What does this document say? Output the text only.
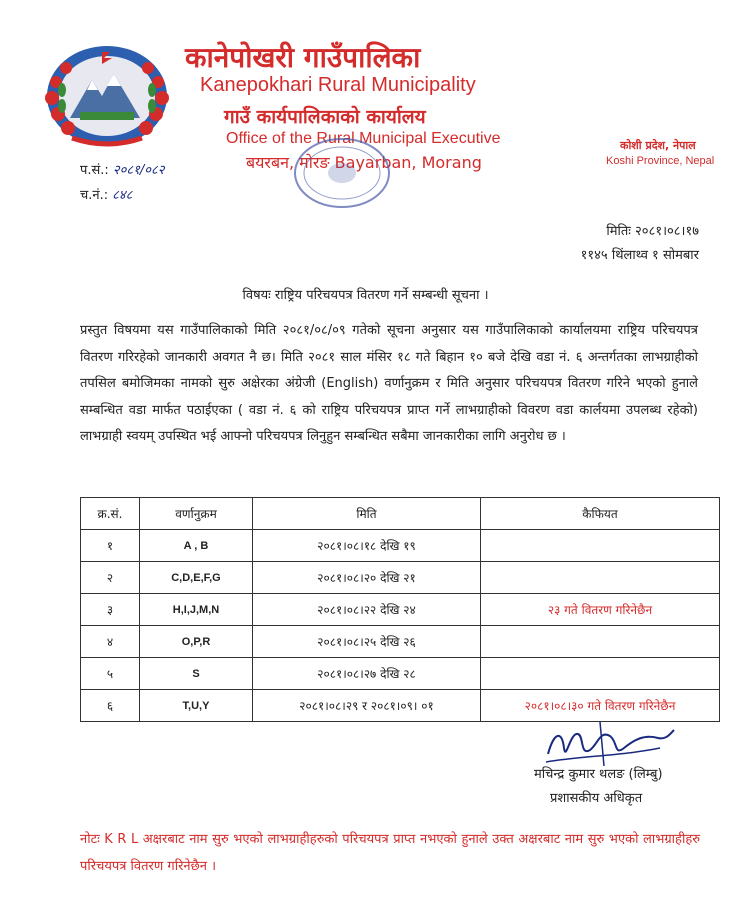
कानेपोखरी गाउँपालिका
Kanepokhari Rural Municipality
गाउँ कार्यपालिकाको कार्यालय
Office of the Rural Municipal Executive
बयरबन, मोरङ Bayarban, Morang
कोशी प्रदेश, नेपाल
Koshi Province, Nepal
प.सं.: २०८१/०८२
च.नं.: ८४८
मितिः २०८१।०८।१७
११४५ थिंलाथ्व १ सोमबार
विषयः राष्ट्रिय परिचयपत्र वितरण गर्ने सम्बन्धी सूचना ।
प्रस्तुत विषयमा यस गाउँपालिकाको मिति २०८१/०८/०९ गतेको सूचना अनुसार यस गाउँपालिकाको कार्यालयमा राष्ट्रिय परिचयपत्र वितरण गरिरहेको जानकारी अवगत नै छ। मिति २०८१ साल मंसिर १८ गते बिहान १० बजे देखि वडा नं. ६ अन्तर्गतका लाभग्राहीको तपसिल बमोजिमका नामको सुरु अक्षेरका अंग्रेजी (English) वर्णानुक्रम र मिति अनुसार परिचयपत्र वितरण गरिने भएको हुनाले सम्बन्धित वडा मार्फत पठाईएका ( वडा नं. ६ को राष्ट्रिय परिचयपत्र प्राप्त गर्ने लाभग्राहीको विवरण वडा कार्लयमा उपलब्ध रहेको) लाभग्राही स्वयम् उपस्थित भई आफ्नो परिचयपत्र लिनुहुन सम्बन्धित सबैमा जानकारीका लागि अनुरोध छ ।
क्र.सं.	वर्णानुक्रम	मिति	कैफियत
१	A , B	२०८१।०८।१८ देखि १९	
२	C,D,E,F,G	२०८१।०८।२० देखि २१	
३	H,I,J,M,N	२०८१।०८।२२ देखि २४	२३ गते वितरण गरिनेछैन
४	O,P,R	२०८१।०८।२५ देखि २६	
५	S	२०८१।०८।२७ देखि २८	
६	T,U,Y	२०८१।०८।२९ र २०८१।०९। ०१	२०८१।०८।३० गते वितरण गरिनेछैन
मचिन्द्र कुमार थलङ (लिम्बु)
प्रशासकीय अधिकृत
नोटः K R L अक्षरबाट नाम सुरु भएको लाभग्राहीहरुको परिचयपत्र प्राप्त नभएको हुनाले उक्त अक्षरबाट नाम सुरु भएको लाभग्राहीहरु परिचयपत्र वितरण गरिनेछैन ।
